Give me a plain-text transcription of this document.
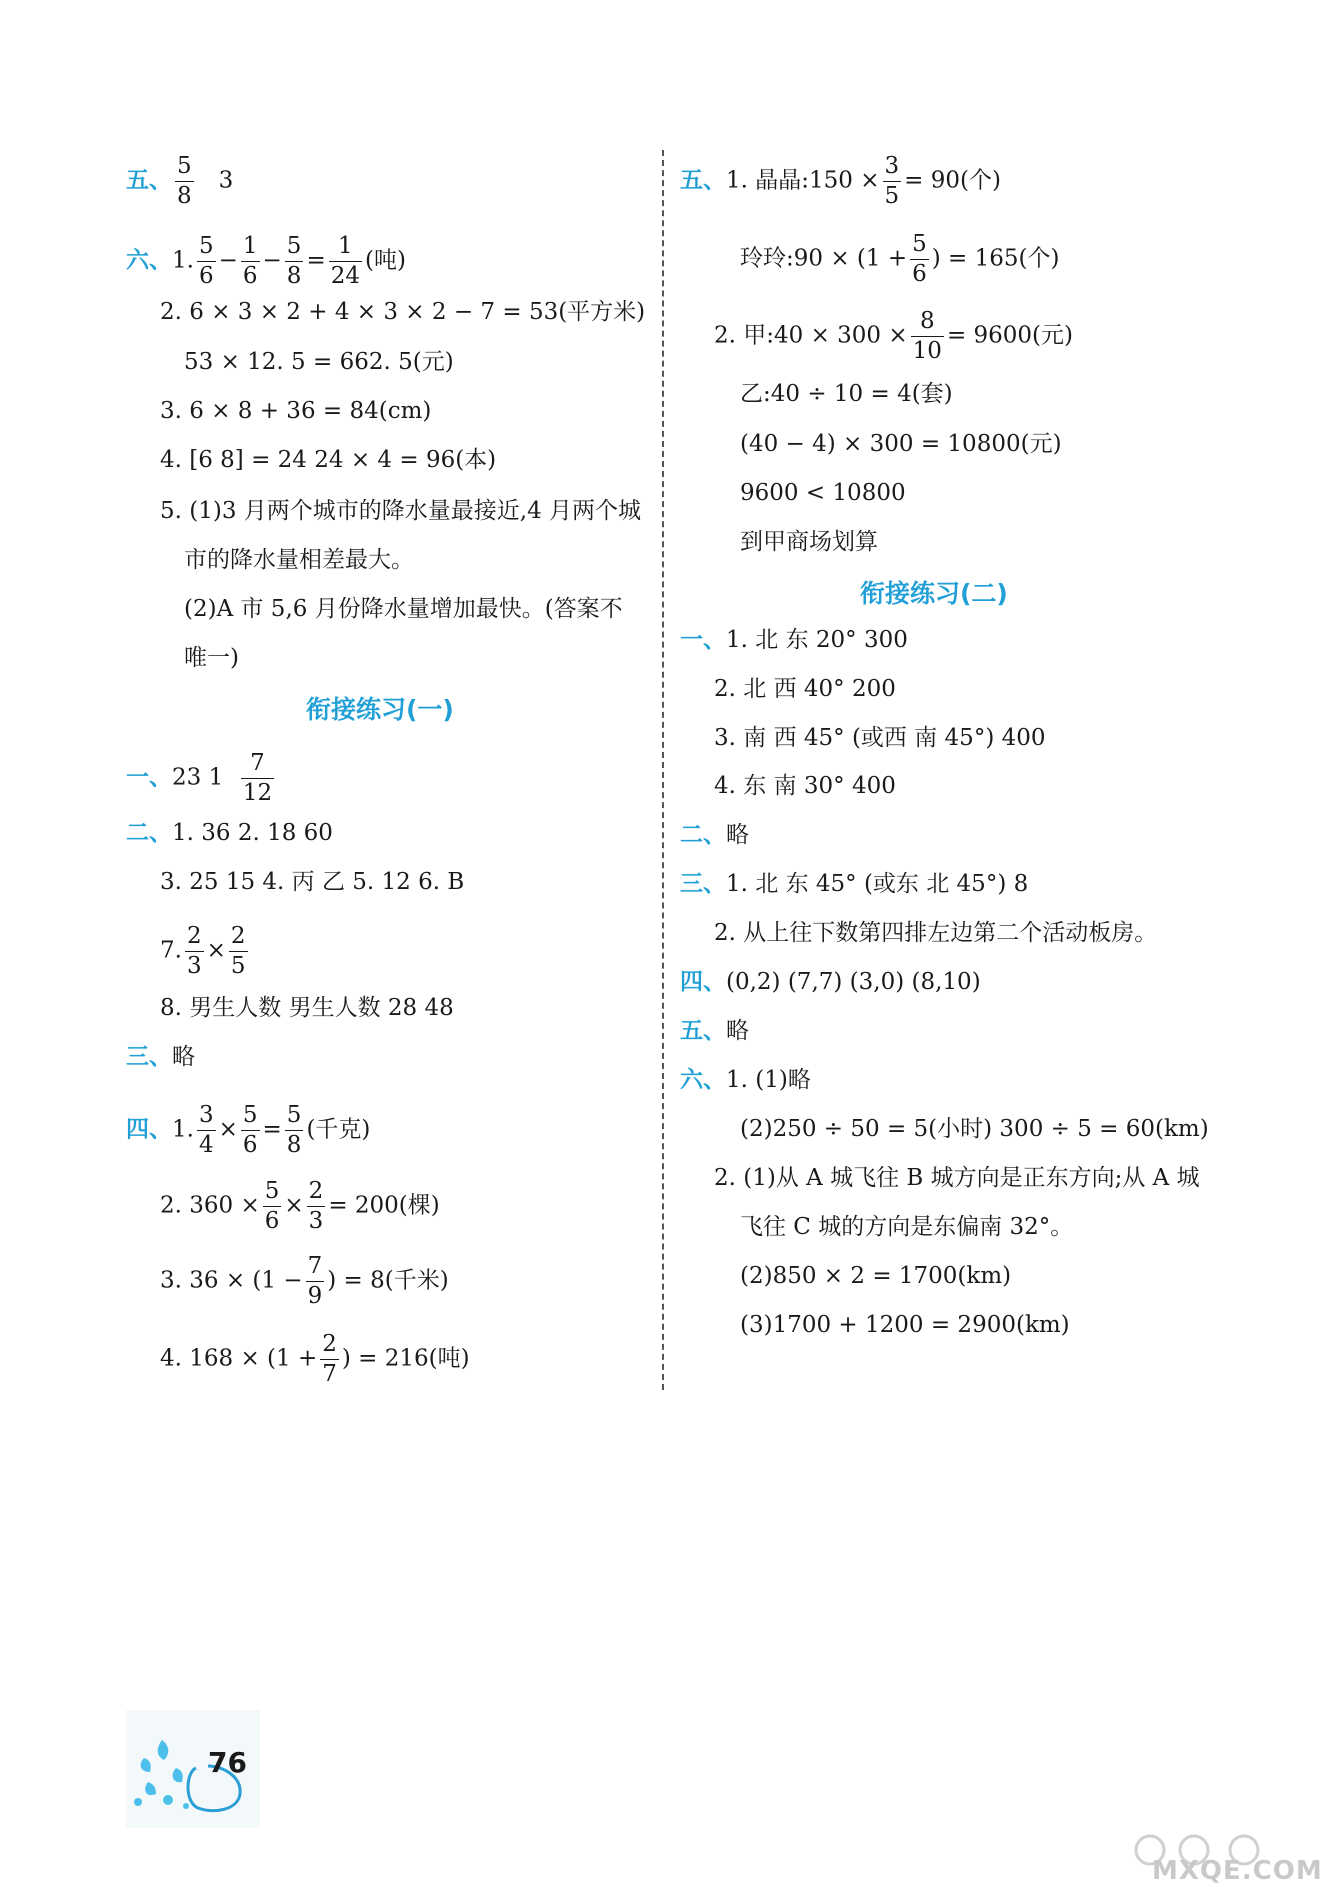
五、 $\frac{5}{8} 3$
六、1. $\frac{5}{6} - \frac{1}{6} - \frac{5}{8} = \frac{1}{24}$ (吨)
2. 6 × 3 × 2 + 4 × 3 × 2 − 7 = 53(平方米)
53 × 12. 5 = 662. 5(元)
3. 6 × 8 + 36 = 84(cm)
4. [6 8] = 24 24 × 4 = 96(本)
5. (1)3 月两个城市的降水量最接近,4 月两个城
市的降水量相差最大。
(2)A 市 5,6 月份降水量增加最快。(答案不
唯一)
衔接练习(一)
一、23 $1 \frac{7}{12}$
二、1. 36 2. 18 60
3. 25 15 4. 丙 乙 5. 12 6. B
7. $\frac{2}{3} \times \frac{2}{5}$
8. 男生人数 男生人数 28 48
三、略
四、1. $\frac{3}{4} \times \frac{5}{6} = \frac{5}{8}$ (千克)
2. $360 \times \frac{5}{6} \times \frac{2}{3} = 200$(棵)
3. $36 \times (1 - \frac{7}{9}$ ) = 8(千米)
4. $168 \times (1 + \frac{2}{7}$ ) = 216(吨)
五、1. 晶晶:150 × $\frac{3}{5} = 90$(个)
玲玲:90 × ($1 + \frac{5}{6}$ ) = 165(个)
2. 甲:40 × $300 \times \frac{8}{10} = 9600$(元)
乙:40 ÷ 10 = 4(套)
(40 − 4) × 300 = 10800(元)
9600 < 10800
到甲商场划算
衔接练习(二)
一、1. 北 东 20° 300
2. 北 西 40° 200
3. 南 西 45° (或西 南 45°) 400
4. 东 南 30° 400
二、略
三、1. 北 东 45° (或东 北 45°) 8
2. 从上往下数第四排左边第二个活动板房。
四、(0,2) (7,7) (3,0) (8,10)
五、略
六、1. (1)略
(2)250 ÷ 50 = 5(小时) 300 ÷ 5 = 60(km)
2. (1)从 A 城飞往 B 城方向是正东方向;从 A 城
飞往 C 城的方向是东偏南 32°。
(2)850 × 2 = 1700(km)
(3)1700 + 1200 = 2900(km)
76
MXQE.COM
